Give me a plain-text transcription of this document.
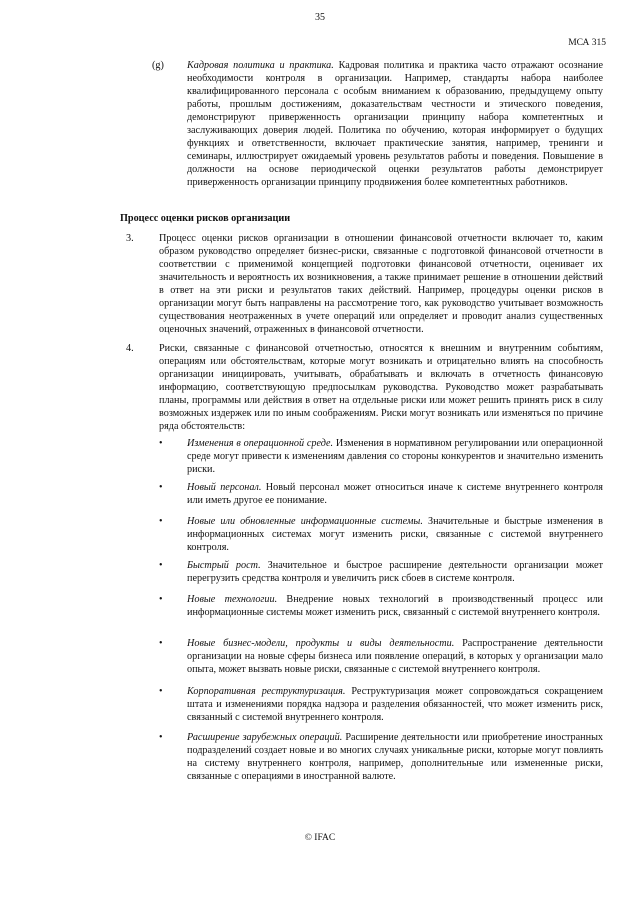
35
МСА 315
(g) Кадровая политика и практика. Кадровая политика и практика часто отражают осознание необходимости контроля в организации. Например, стандарты набора наиболее квалифицированного персонала с особым вниманием к образованию, предыдущему опыту работы, прошлым достижениям, доказательствам честности и этического поведения, демонстрируют приверженность организации принципу набора компетентных и заслуживающих доверия людей. Политика по обучению, которая информирует о будущих функциях и ответственности, включает практические занятия, например, тренинги и семинары, иллюстрирует ожидаемый уровень результатов работы и поведения. Повышение в должности на основе периодической оценки результатов работы демонстрирует приверженность организации принципу продвижения более компетентных работников.
Процесс оценки рисков организации
3. Процесс оценки рисков организации в отношении финансовой отчетности включает то, каким образом руководство определяет бизнес-риски, связанные с подготовкой финансовой отчетности в соответствии с применимой концепцией подготовки финансовой отчетности, оценивает их значительность и вероятность их возникновения, а также принимает решение в отношении действий в ответ на эти риски и результатов таких действий. Например, процедуры оценки рисков в организации могут быть направлены на рассмотрение того, как руководство учитывает возможность существования неотраженных в учете операций или определяет и проводит анализ существенных оценочных значений, отраженных в финансовой отчетности.
4. Риски, связанные с финансовой отчетностью, относятся к внешним и внутренним событиям, операциям или обстоятельствам, которые могут возникать и отрицательно влиять на способность организации инициировать, учитывать, обрабатывать и включать в отчетность финансовую информацию, соответствующую предпосылкам руководства. Руководство может разрабатывать планы, программы или действия в ответ на отдельные риски или может решить принять риск в силу возможных издержек или по иным соображениям. Риски могут возникать или изменяться по причине ряда обстоятельств:
• Изменения в операционной среде. Изменения в нормативном регулировании или операционной среде могут привести к изменениям давления со стороны конкурентов и значительно изменить риски.
• Новый персонал. Новый персонал может относиться иначе к системе внутреннего контроля или иметь другое ее понимание.
• Новые или обновленные информационные системы. Значительные и быстрые изменения в информационных системах могут изменить риски, связанные с системой внутреннего контроля.
• Быстрый рост. Значительное и быстрое расширение деятельности организации может перегрузить средства контроля и увеличить риск сбоев в системе контроля.
• Новые технологии. Внедрение новых технологий в производственный процесс или информационные системы может изменить риск, связанный с системой внутреннего контроля.
• Новые бизнес-модели, продукты и виды деятельности. Распространение деятельности организации на новые сферы бизнеса или появление операций, в которых у организации мало опыта, может вызвать новые риски, связанные с системой внутреннего контроля.
• Корпоративная реструктуризация. Реструктуризация может сопровождаться сокращением штата и изменениями порядка надзора и разделения обязанностей, что может изменить риск, связанный с системой внутреннего контроля.
• Расширение зарубежных операций. Расширение деятельности или приобретение иностранных подразделений создает новые и во многих случаях уникальные риски, которые могут повлиять на систему внутреннего контроля, например, дополнительные или измененные риски, связанные с операциями в иностранной валюте.
© IFAC
